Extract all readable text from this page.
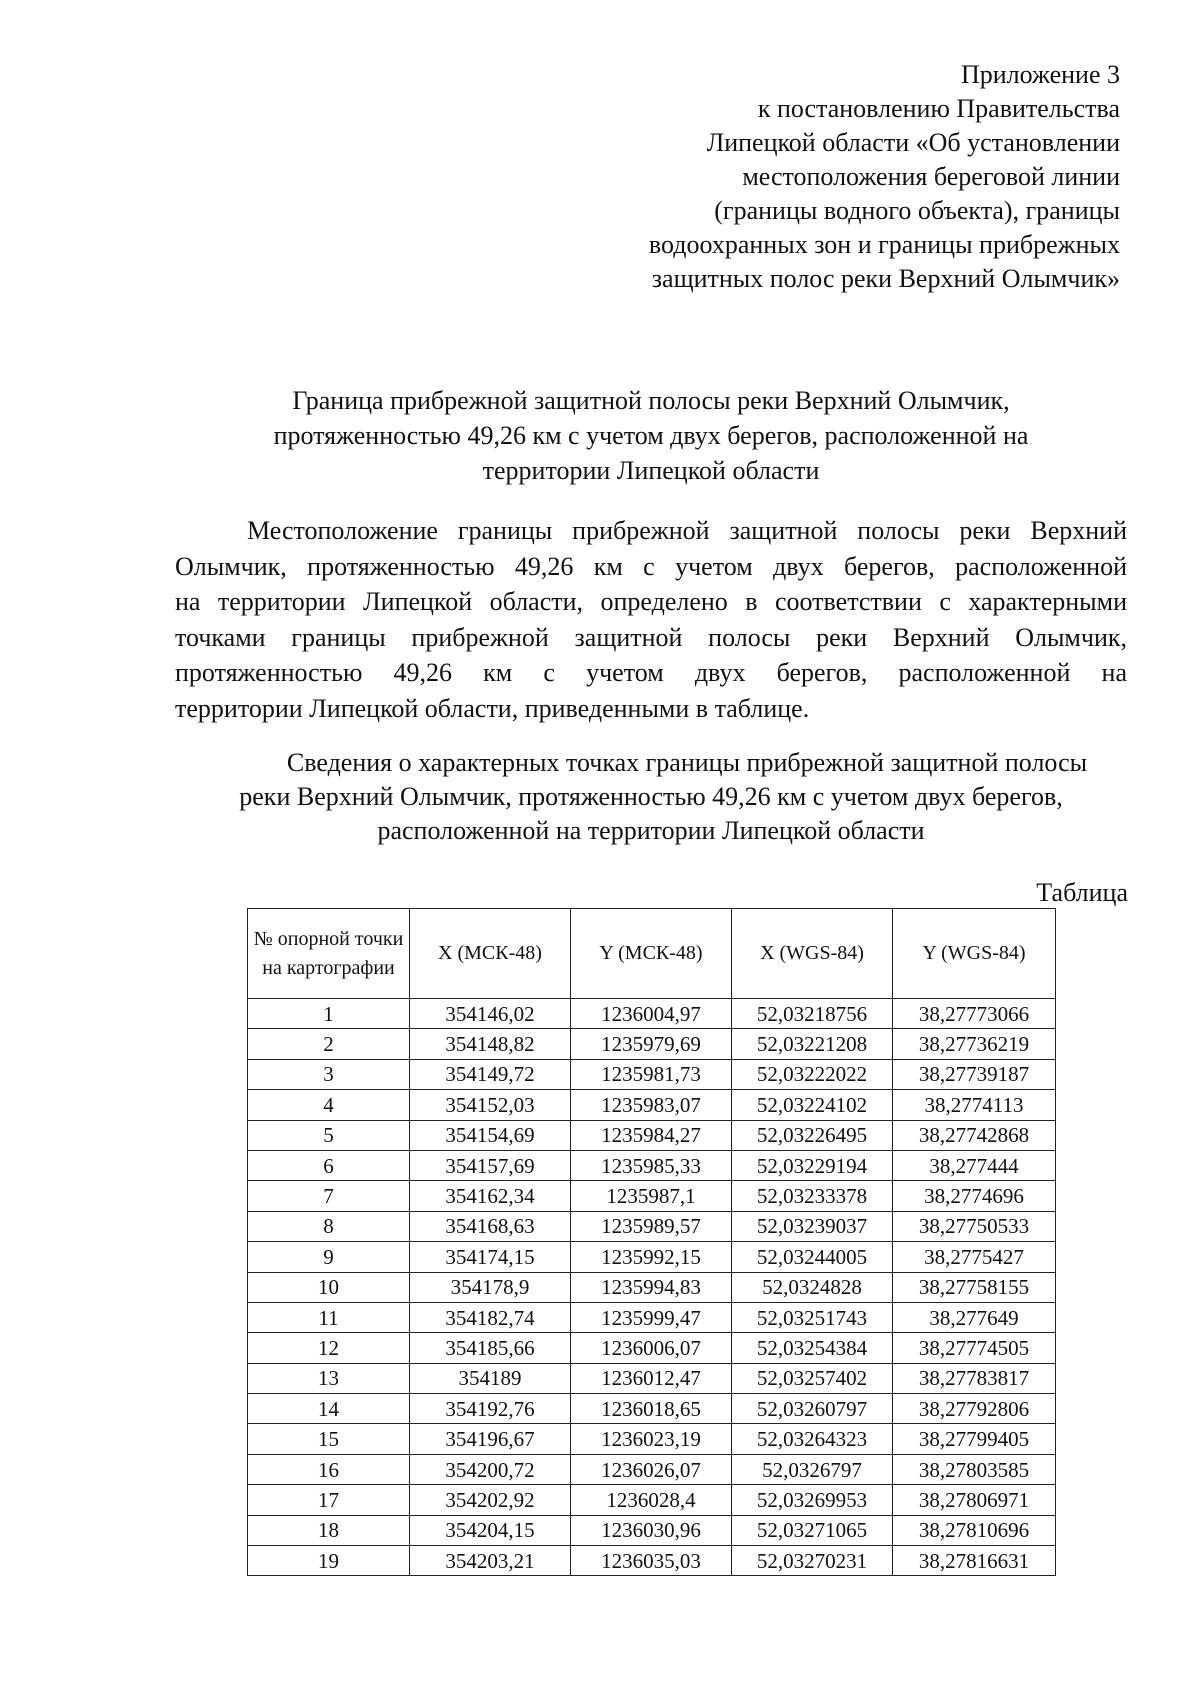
Приложение 3
к постановлению Правительства
Липецкой области «Об установлении
местоположения береговой линии
(границы водного объекта), границы
водоохранных зон и границы прибрежных
защитных полос реки Верхний Олымчик»
Граница прибрежной защитной полосы реки Верхний Олымчик,
протяженностью 49,26 км с учетом двух берегов, расположенной на
территории Липецкой области
Местоположение границы прибрежной защитной полосы реки Верхний
Олымчик, протяженностью 49,26 км с учетом двух берегов, расположенной
на территории Липецкой области, определено в соответствии с характерными
точками границы прибрежной защитной полосы реки Верхний Олымчик,
протяженностью 49,26 км с учетом двух берегов, расположенной на
территории Липецкой области, приведенными в таблице.
Сведения о характерных точках границы прибрежной защитной полосы
реки Верхний Олымчик, протяженностью 49,26 км с учетом двух берегов,
расположенной на территории Липецкой области
Таблица
№ опорной точки на картографии	X (МСК-48)	Y (МСК-48)	X (WGS-84)	Y (WGS-84)
1	354146,02	1236004,97	52,03218756	38,27773066
2	354148,82	1235979,69	52,03221208	38,27736219
3	354149,72	1235981,73	52,03222022	38,27739187
4	354152,03	1235983,07	52,03224102	38,2774113
5	354154,69	1235984,27	52,03226495	38,27742868
6	354157,69	1235985,33	52,03229194	38,277444
7	354162,34	1235987,1	52,03233378	38,2774696
8	354168,63	1235989,57	52,03239037	38,27750533
9	354174,15	1235992,15	52,03244005	38,2775427
10	354178,9	1235994,83	52,0324828	38,27758155
11	354182,74	1235999,47	52,03251743	38,277649
12	354185,66	1236006,07	52,03254384	38,27774505
13	354189	1236012,47	52,03257402	38,27783817
14	354192,76	1236018,65	52,03260797	38,27792806
15	354196,67	1236023,19	52,03264323	38,27799405
16	354200,72	1236026,07	52,0326797	38,27803585
17	354202,92	1236028,4	52,03269953	38,27806971
18	354204,15	1236030,96	52,03271065	38,27810696
19	354203,21	1236035,03	52,03270231	38,27816631
